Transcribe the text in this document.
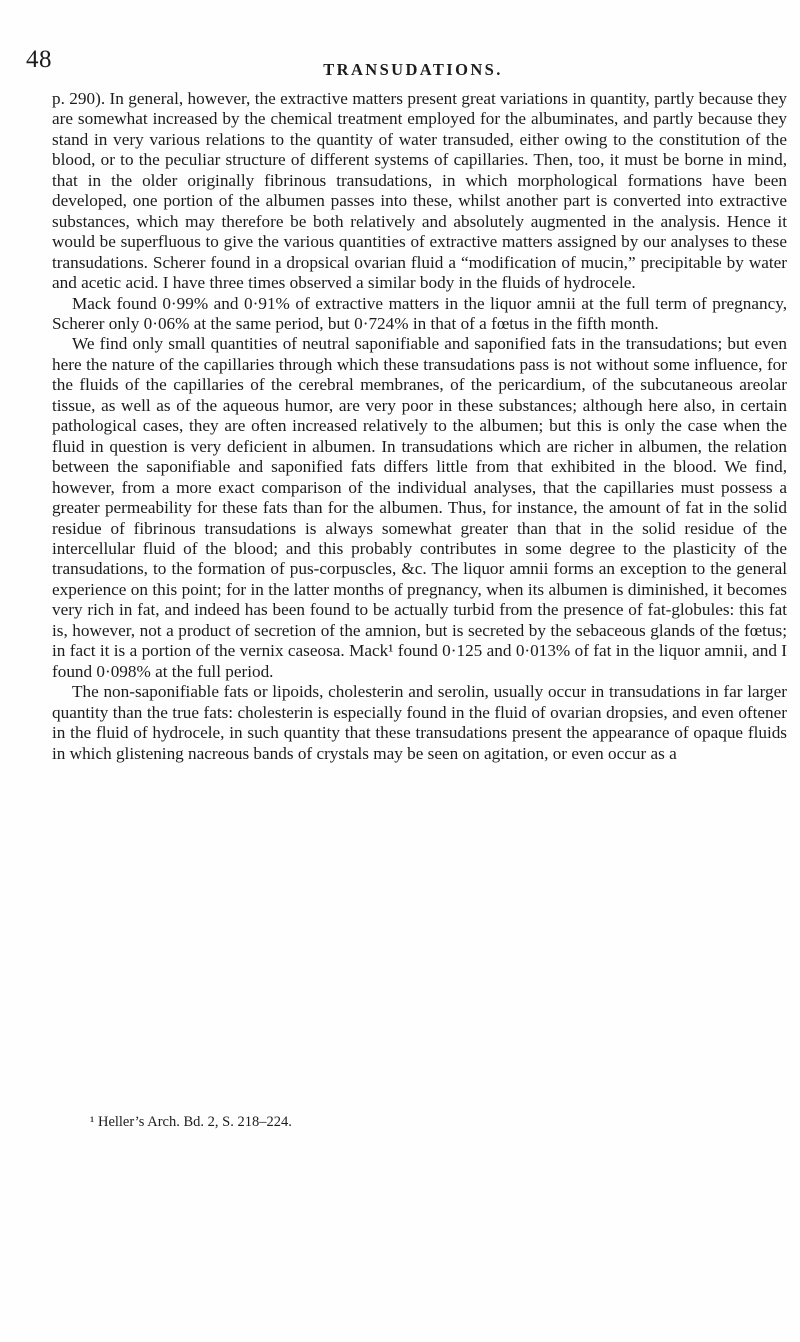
48	TRANSUDATIONS.

p. 290). In general, however, the extractive matters present great variations in quantity, partly because they are somewhat increased by the chemical treatment employed for the albuminates, and partly because they stand in very various relations to the quantity of water transuded, either owing to the constitution of the blood, or to the peculiar structure of different systems of capillaries. Then, too, it must be borne in mind, that in the older originally fibrinous transudations, in which morphological formations have been developed, one portion of the albumen passes into these, whilst another part is converted into extractive substances, which may therefore be both relatively and absolutely augmented in the analysis. Hence it would be superfluous to give the various quantities of extractive matters assigned by our analyses to these transudations. Scherer found in a dropsical ovarian fluid a “modification of mucin,” precipitable by water and acetic acid. I have three times observed a similar body in the fluids of hydrocele.

Mack found 0·99% and 0·91% of extractive matters in the liquor amnii at the full term of pregnancy, Scherer only 0·06% at the same period, but 0·724% in that of a fœtus in the fifth month.

We find only small quantities of neutral saponifiable and saponified fats in the transudations; but even here the nature of the capillaries through which these transudations pass is not without some influence, for the fluids of the capillaries of the cerebral membranes, of the pericardium, of the subcutaneous areolar tissue, as well as of the aqueous humor, are very poor in these substances; although here also, in certain pathological cases, they are often increased relatively to the albumen; but this is only the case when the fluid in question is very deficient in albumen. In transudations which are richer in albumen, the relation between the saponifiable and saponified fats differs little from that exhibited in the blood. We find, however, from a more exact comparison of the individual analyses, that the capillaries must possess a greater permeability for these fats than for the albumen. Thus, for instance, the amount of fat in the solid residue of fibrinous transudations is always somewhat greater than that in the solid residue of the intercellular fluid of the blood; and this probably contributes in some degree to the plasticity of the transudations, to the formation of pus-corpuscles, &c. The liquor amnii forms an exception to the general experience on this point; for in the latter months of pregnancy, when its albumen is diminished, it becomes very rich in fat, and indeed has been found to be actually turbid from the presence of fat-globules: this fat is, however, not a product of secretion of the amnion, but is secreted by the sebaceous glands of the fœtus; in fact it is a portion of the vernix caseosa. Mack¹ found 0·125 and 0·013% of fat in the liquor amnii, and I found 0·098% at the full period.

The non-saponifiable fats or lipoids, cholesterin and serolin, usually occur in transudations in far larger quantity than the true fats: cholesterin is especially found in the fluid of ovarian dropsies, and even oftener in the fluid of hydrocele, in such quantity that these transudations present the appearance of opaque fluids in which glistening nacreous bands of crystals may be seen on agitation, or even occur as a

¹ Heller’s Arch. Bd. 2, S. 218–224.
